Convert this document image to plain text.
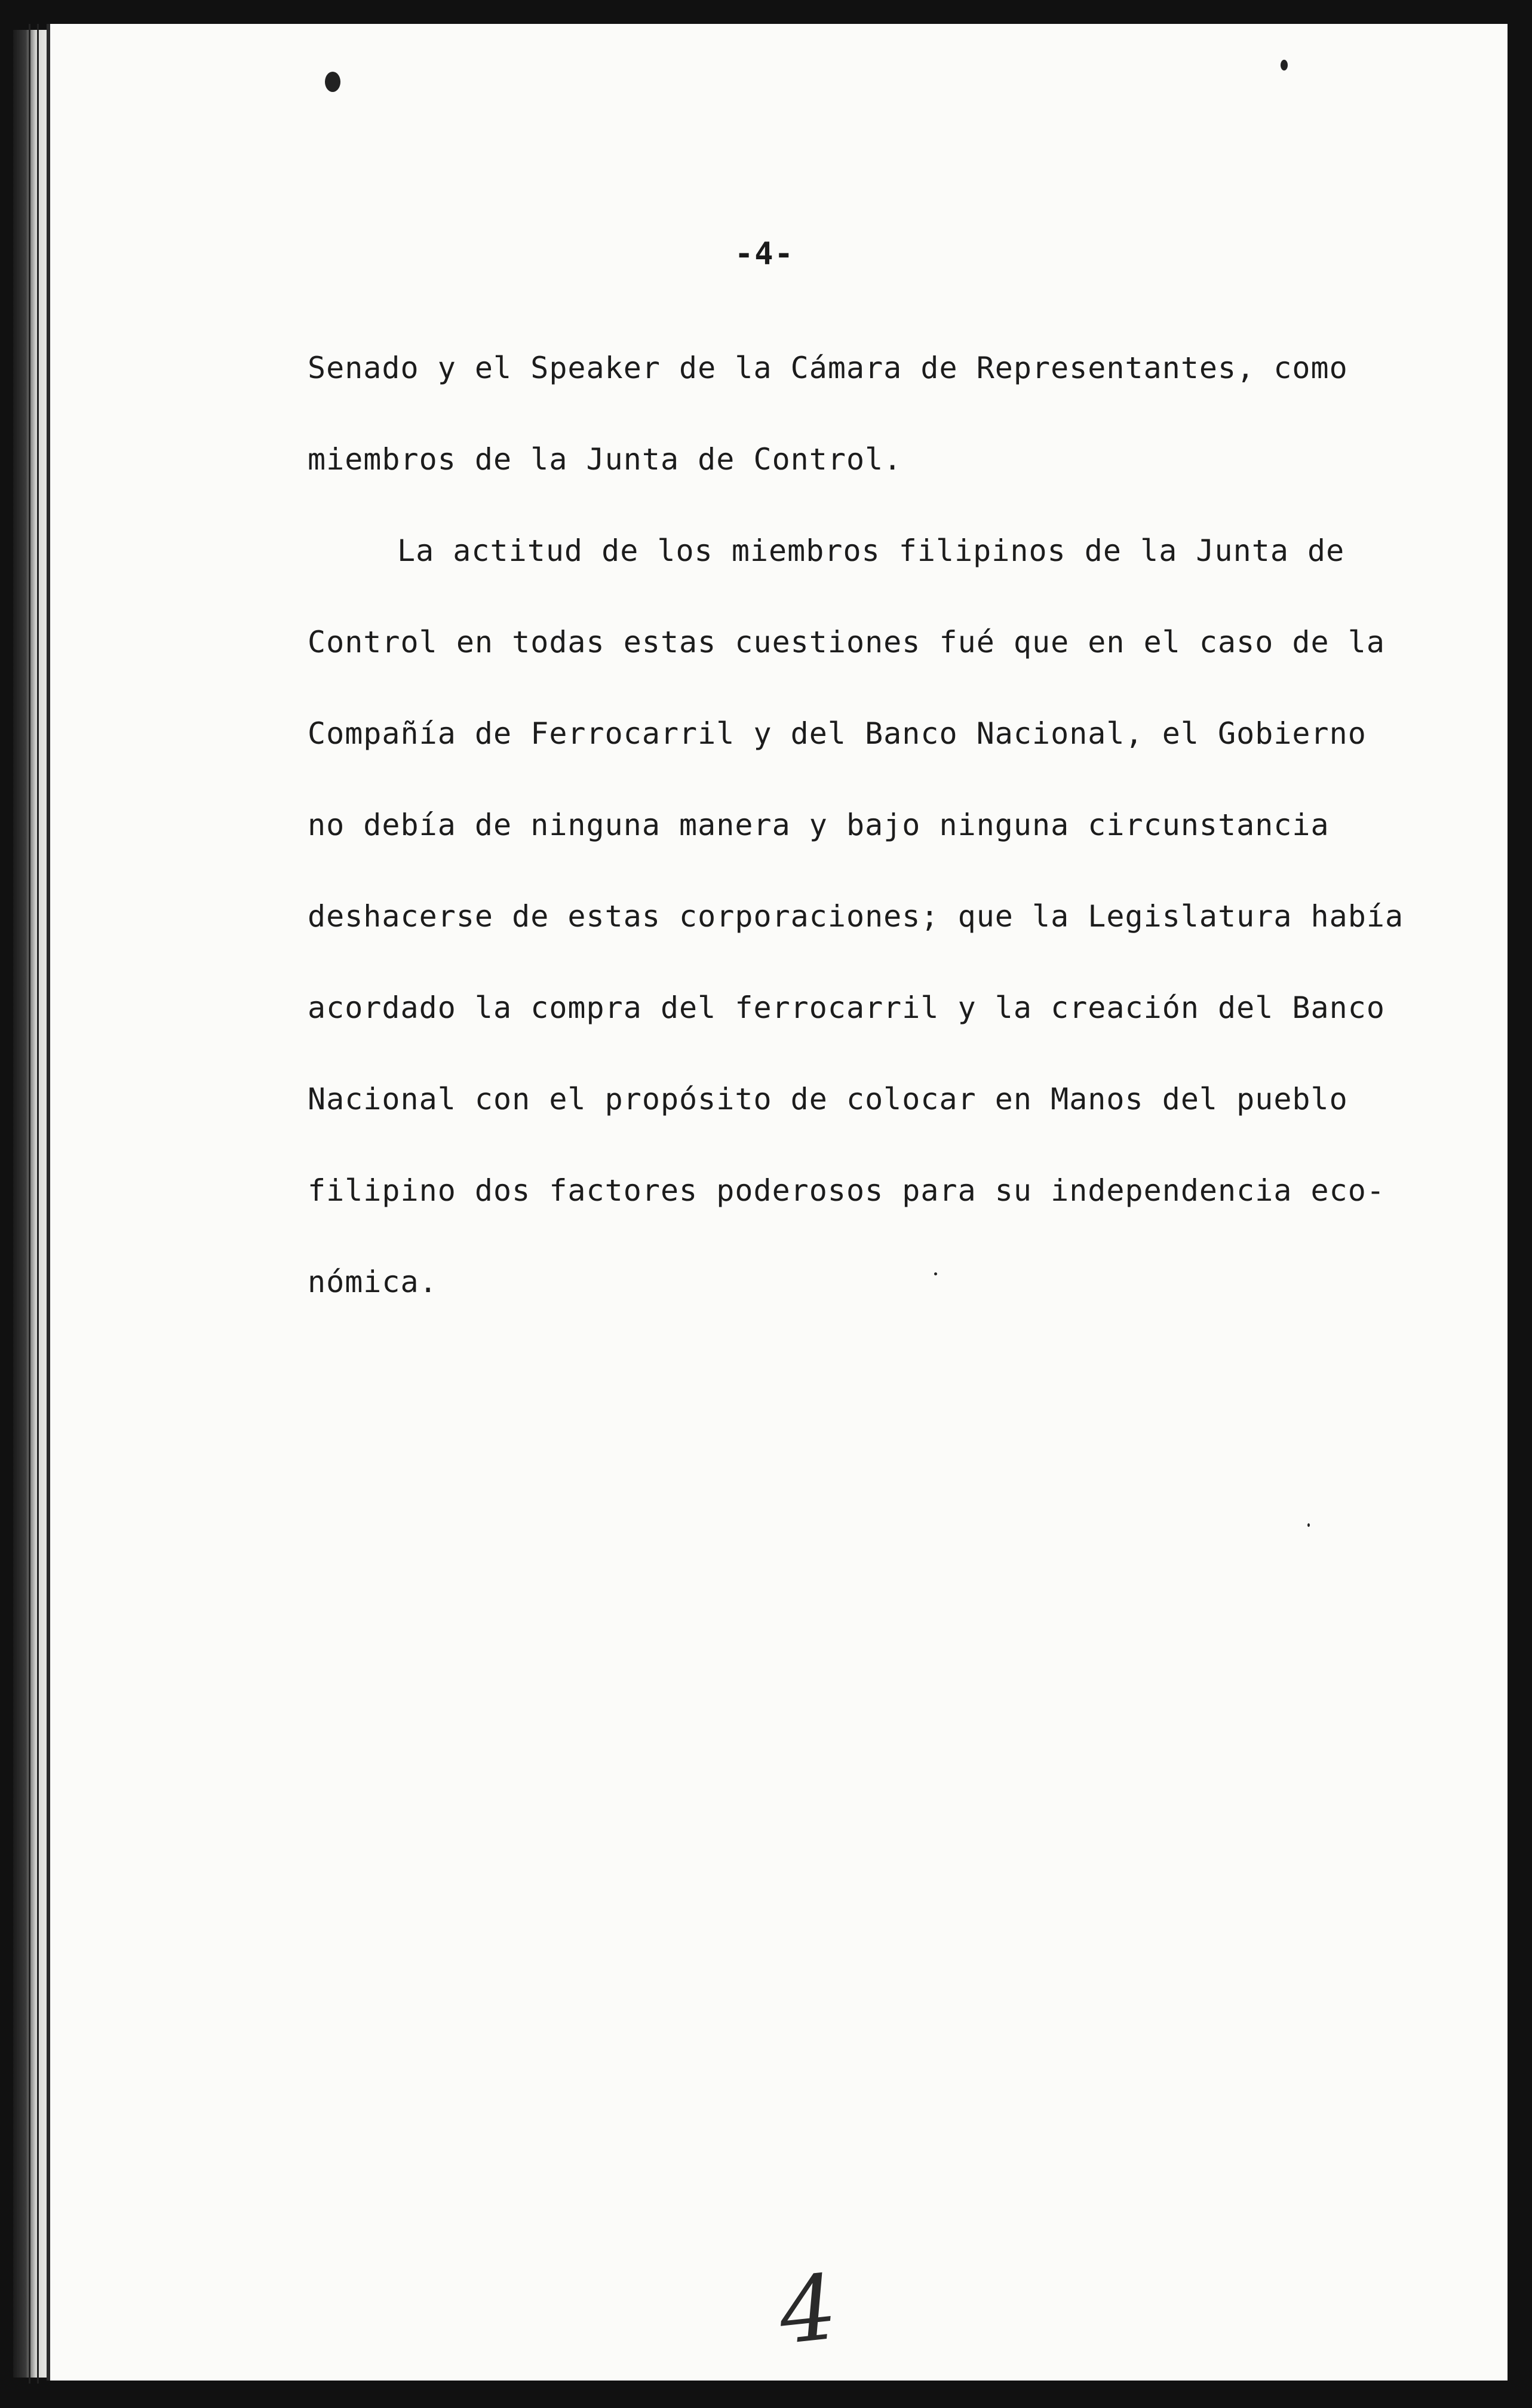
-4-
Senado y el Speaker de la Cámara de Representantes, como
miembros de la Junta de Control.
La actitud de los miembros filipinos de la Junta de
Control en todas estas cuestiones fué que en el caso de la
Compañía de Ferrocarril y del Banco Nacional, el Gobierno
no debía de ninguna manera y bajo ninguna circunstancia
deshacerse de estas corporaciones; que la Legislatura había
acordado la compra del ferrocarril y la creación del Banco
Nacional con el propósito de colocar en Manos del pueblo
filipino dos factores poderosos para su independencia eco-
nómica.
4
